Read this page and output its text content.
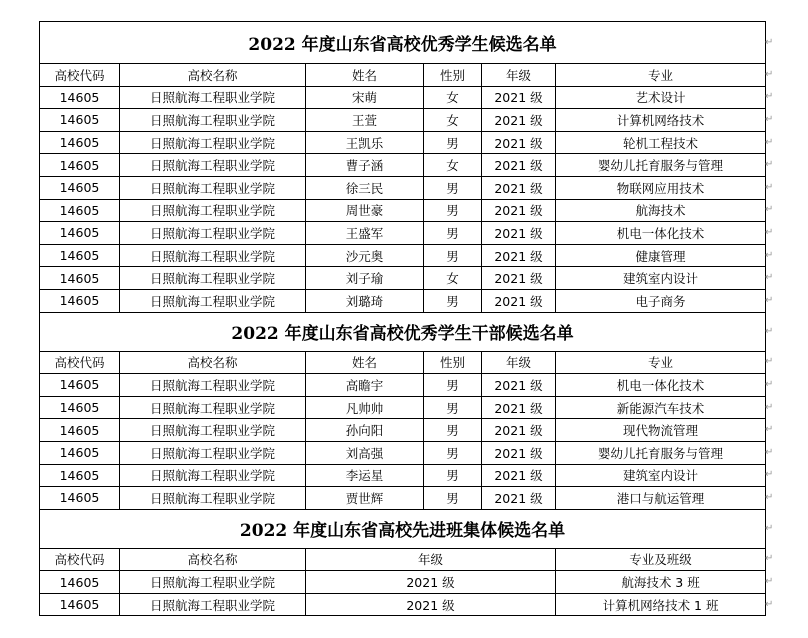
2022 年度山东省高校优秀学生候选名单					
高校代码	高校名称	姓名	性别	年级	专业
14605	日照航海工程职业学院	宋萌	女	2021 级	艺术设计
14605	日照航海工程职业学院	王萱	女	2021 级	计算机网络技术
14605	日照航海工程职业学院	王凯乐	男	2021 级	轮机工程技术
14605	日照航海工程职业学院	曹子涵	女	2021 级	婴幼儿托育服务与管理
14605	日照航海工程职业学院	徐三民	男	2021 级	物联网应用技术
14605	日照航海工程职业学院	周世豪	男	2021 级	航海技术
14605	日照航海工程职业学院	王盛军	男	2021 级	机电一体化技术
14605	日照航海工程职业学院	沙元奥	男	2021 级	健康管理
14605	日照航海工程职业学院	刘子瑜	女	2021 级	建筑室内设计
14605	日照航海工程职业学院	刘璐琦	男	2021 级	电子商务
2022 年度山东省高校优秀学生干部候选名单					
高校代码	高校名称	姓名	性别	年级	专业
14605	日照航海工程职业学院	高瞻宇	男	2021 级	机电一体化技术
14605	日照航海工程职业学院	凡帅帅	男	2021 级	新能源汽车技术
14605	日照航海工程职业学院	孙向阳	男	2021 级	现代物流管理
14605	日照航海工程职业学院	刘高强	男	2021 级	婴幼儿托育服务与管理
14605	日照航海工程职业学院	李运星	男	2021 级	建筑室内设计
14605	日照航海工程职业学院	贾世辉	男	2021 级	港口与航运管理
2022 年度山东省高校先进班集体候选名单					
高校代码	高校名称	年级			专业及班级
14605	日照航海工程职业学院	2021 级			航海技术 3 班
14605	日照航海工程职业学院	2021 级			计算机网络技术 1 班
↵
↵
↵
↵
↵
↵
↵
↵
↵
↵
↵
↵
↵
↵
↵
↵
↵
↵
↵
↵
↵
↵
↵
↵
